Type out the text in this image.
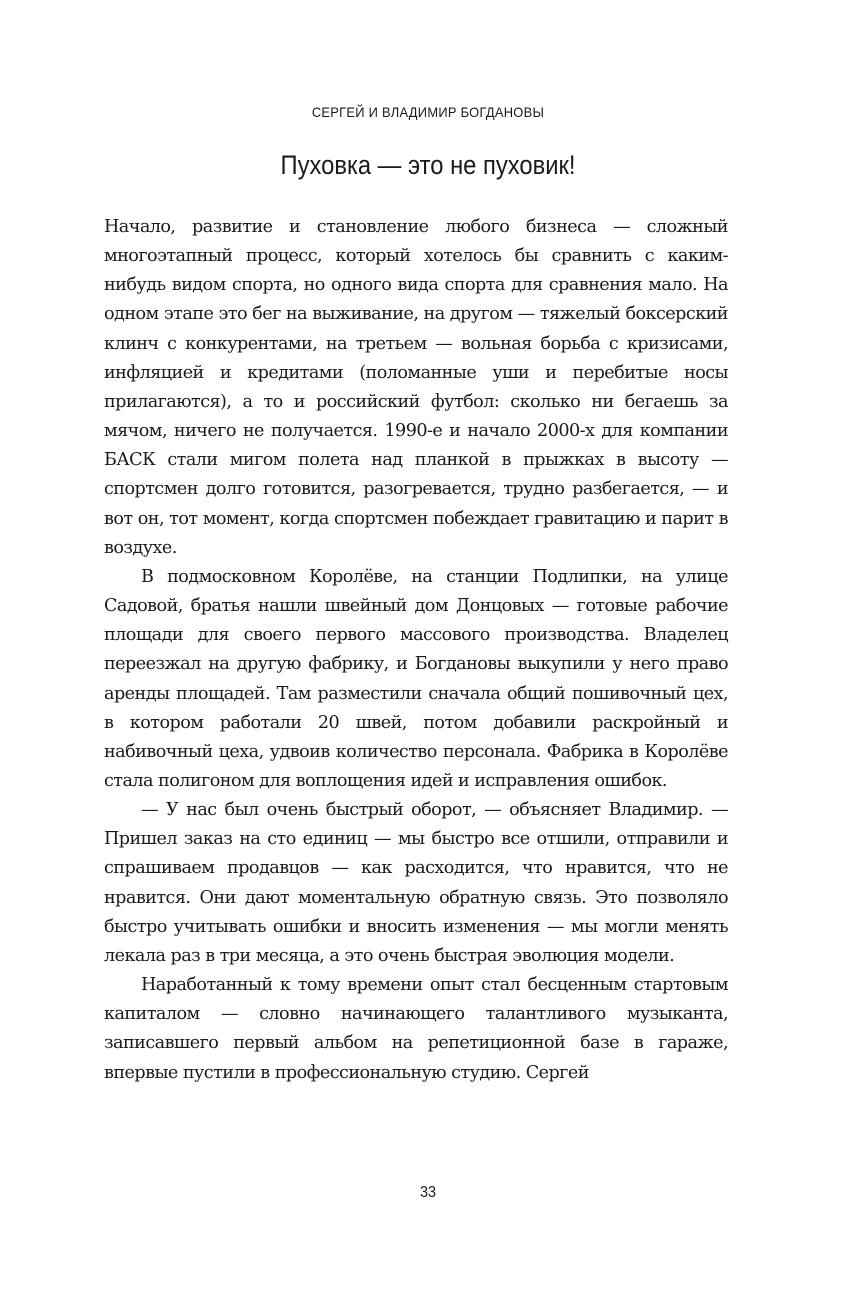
СЕРГЕЙ И ВЛАДИМИР БОГДАНОВЫ
Пуховка — это не пуховик!

Начало, развитие и становление любого бизнеса — сложный многоэтапный процесс, который хотелось бы сравнить с каким-нибудь видом спорта, но одного вида спорта для сравнения мало. На одном этапе это бег на выживание, на другом — тяжелый боксерский клинч с конкурентами, на третьем — вольная борьба с кризисами, инфляцией и кредитами (поломанные уши и перебитые носы прилагаются), а то и российский футбол: сколько ни бегаешь за мячом, ничего не получается. 1990-е и начало 2000-х для компании БАСК стали мигом полета над планкой в прыжках в высоту — спортсмен долго готовится, разогревается, трудно разбегается, — и вот он, тот момент, когда спортсмен побеждает гравитацию и парит в воздухе.

В подмосковном Королёве, на станции Подлипки, на улице Садовой, братья нашли швейный дом Донцовых — готовые рабочие площади для своего первого массового производства. Владелец переезжал на другую фабрику, и Богдановы выкупили у него право аренды площадей. Там разместили сначала общий пошивочный цех, в котором работали 20 швей, потом добавили раскройный и набивочный цеха, удвоив количество персонала. Фабрика в Королёве стала полигоном для воплощения идей и исправления ошибок.

— У нас был очень быстрый оборот, — объясняет Владимир. — Пришел заказ на сто единиц — мы быстро все отшили, отправили и спрашиваем продавцов — как расходится, что нравится, что не нравится. Они дают моментальную обратную связь. Это позволяло быстро учитывать ошибки и вносить изменения — мы могли менять лекала раз в три месяца, а это очень быстрая эволюция модели.

Наработанный к тому времени опыт стал бесценным стартовым капиталом — словно начинающего талантливого музыканта, записавшего первый альбом на репетиционной базе в гараже, впервые пустили в профессиональную студию. Сергей

33
